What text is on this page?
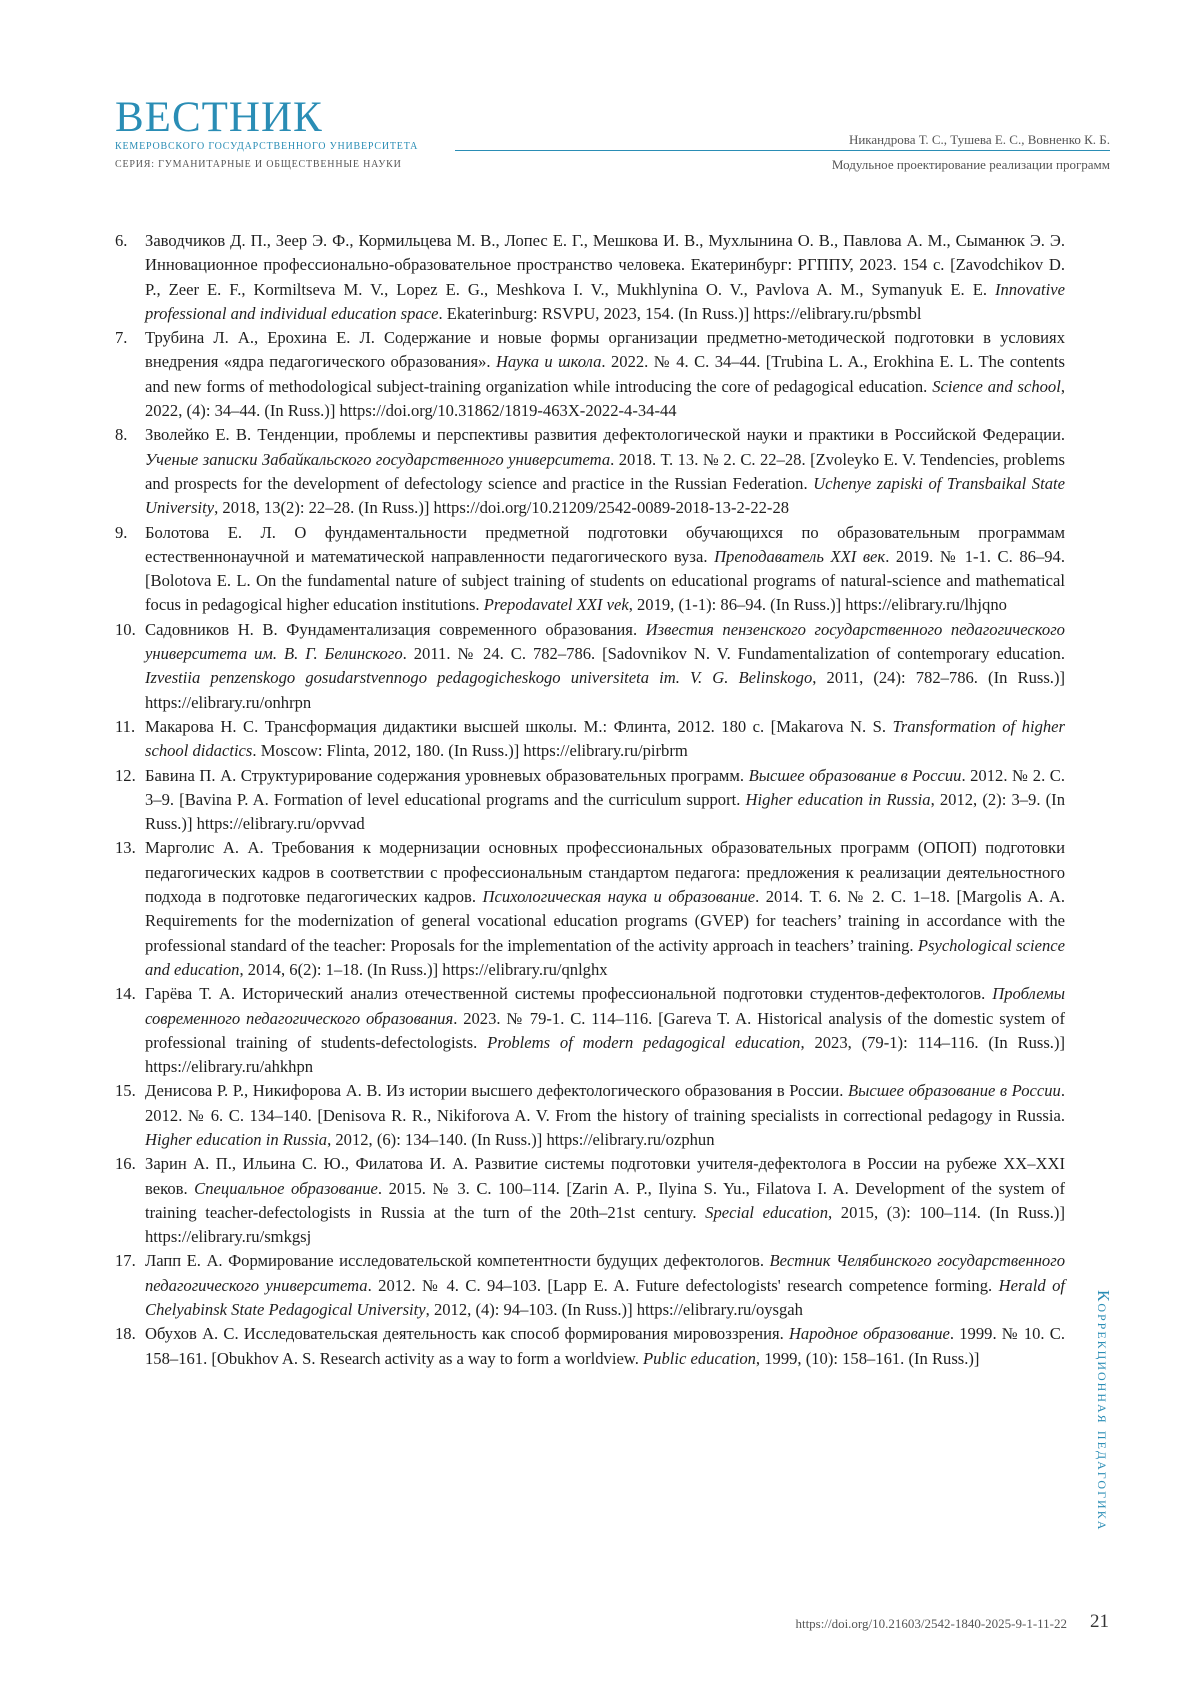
ВЕСТНИК
КЕМЕРОВСКОГО ГОСУДАРСТВЕННОГО УНИВЕРСИТЕТА
СЕРИЯ: ГУМАНИТАРНЫЕ И ОБЩЕСТВЕННЫЕ НАУКИ
Никандрова Т. С., Тушева Е. С., Вовненко К. Б.
Модульное проектирование реализации программ
6. Заводчиков Д. П., Зеер Э. Ф., Кормильцева М. В., Лопес Е. Г., Мешкова И. В., Мухлынина О. В., Павлова А. М., Сыманюк Э. Э. Инновационное профессионально-образовательное пространство человека. Екатеринбург: РГППУ, 2023. 154 с. [Zavodchikov D. P., Zeer E. F., Kormiltseva M. V., Lopez E. G., Meshkova I. V., Mukhlynina O. V., Pavlova A. M., Symanyuk E. E. Innovative professional and individual education space. Ekaterinburg: RSVPU, 2023, 154. (In Russ.)] https://elibrary.ru/pbsmbl
7. Трубина Л. А., Ерохина Е. Л. Содержание и новые формы организации предметно-методической подготовки в условиях внедрения «ядра педагогического образования». Наука и школа. 2022. № 4. С. 34–44. [Trubina L. A., Erokhina E. L. The contents and new forms of methodological subject-training organization while introducing the core of pedagogical education. Science and school, 2022, (4): 34–44. (In Russ.)] https://doi.org/10.31862/1819-463X-2022-4-34-44
8. Зволейко Е. В. Тенденции, проблемы и перспективы развития дефектологической науки и практики в Российской Федерации. Ученые записки Забайкальского государственного университета. 2018. Т. 13. № 2. С. 22–28. [Zvoleyko E. V. Tendencies, problems and prospects for the development of defectology science and practice in the Russian Federation. Uchenye zapiski of Transbaikal State University, 2018, 13(2): 22–28. (In Russ.)] https://doi.org/10.21209/2542-0089-2018-13-2-22-28
9. Болотова Е. Л. О фундаментальности предметной подготовки обучающихся по образовательным программам естественнонаучной и математической направленности педагогического вуза. Преподаватель XXI век. 2019. № 1-1. С. 86–94. [Bolotova E. L. On the fundamental nature of subject training of students on educational programs of natural-science and mathematical focus in pedagogical higher education institutions. Prepodavatel XXI vek, 2019, (1-1): 86–94. (In Russ.)] https://elibrary.ru/lhjqno
10. Садовников Н. В. Фундаментализация современного образования. Известия пензенского государственного педагогического университета им. В. Г. Белинского. 2011. № 24. С. 782–786. [Sadovnikov N. V. Fundamentalization of contemporary education. Izvestiia penzenskogo gosudarstvennogo pedagogicheskogo universiteta im. V. G. Belinskogo, 2011, (24): 782–786. (In Russ.)] https://elibrary.ru/onhrpn
11. Макарова Н. С. Трансформация дидактики высшей школы. М.: Флинта, 2012. 180 с. [Makarova N. S. Transformation of higher school didactics. Moscow: Flinta, 2012, 180. (In Russ.)] https://elibrary.ru/pirbrm
12. Бавина П. А. Структурирование содержания уровневых образовательных программ. Высшее образование в России. 2012. № 2. С. 3–9. [Bavina P. A. Formation of level educational programs and the curriculum support. Higher education in Russia, 2012, (2): 3–9. (In Russ.)] https://elibrary.ru/opvvad
13. Марголис А. А. Требования к модернизации основных профессиональных образовательных программ (ОПОП) подготовки педагогических кадров в соответствии с профессиональным стандартом педагога: предложения к реализации деятельностного подхода в подготовке педагогических кадров. Психологическая наука и образование. 2014. Т. 6. № 2. С. 1–18. [Margolis A. A. Requirements for the modernization of general vocational education programs (GVEP) for teachers’ training in accordance with the professional standard of the teacher: Proposals for the implementation of the activity approach in teachers’ training. Psychological science and education, 2014, 6(2): 1–18. (In Russ.)] https://elibrary.ru/qnlghx
14. Гарёва Т. А. Исторический анализ отечественной системы профессиональной подготовки студентов-дефектологов. Проблемы современного педагогического образования. 2023. № 79-1. С. 114–116. [Gareva T. A. Historical analysis of the domestic system of professional training of students-defectologists. Problems of modern pedagogical education, 2023, (79-1): 114–116. (In Russ.)] https://elibrary.ru/ahkhpn
15. Денисова Р. Р., Никифорова А. В. Из истории высшего дефектологического образования в России. Высшее образование в России. 2012. № 6. С. 134–140. [Denisova R. R., Nikiforova A. V. From the history of training specialists in correctional pedagogy in Russia. Higher education in Russia, 2012, (6): 134–140. (In Russ.)] https://elibrary.ru/ozphun
16. Зарин А. П., Ильина С. Ю., Филатова И. А. Развитие системы подготовки учителя-дефектолога в России на рубеже XX–XXI веков. Специальное образование. 2015. № 3. С. 100–114. [Zarin A. P., Ilyina S. Yu., Filatova I. A. Development of the system of training teacher-defectologists in Russia at the turn of the 20th–21st century. Special education, 2015, (3): 100–114. (In Russ.)] https://elibrary.ru/smkgsj
17. Лапп Е. А. Формирование исследовательской компетентности будущих дефектологов. Вестник Челябинского государственного педагогического университета. 2012. № 4. С. 94–103. [Lapp E. A. Future defectologists' research competence forming. Herald of Chelyabinsk State Pedagogical University, 2012, (4): 94–103. (In Russ.)] https://elibrary.ru/oysgah
18. Обухов А. С. Исследовательская деятельность как способ формирования мировоззрения. Народное образование. 1999. № 10. С. 158–161. [Obukhov A. S. Research activity as a way to form a worldview. Public education, 1999, (10): 158–161. (In Russ.)]	Коррекционная педагогика
https://doi.org/10.21603/2542-1840-2025-9-1-11-22 21
